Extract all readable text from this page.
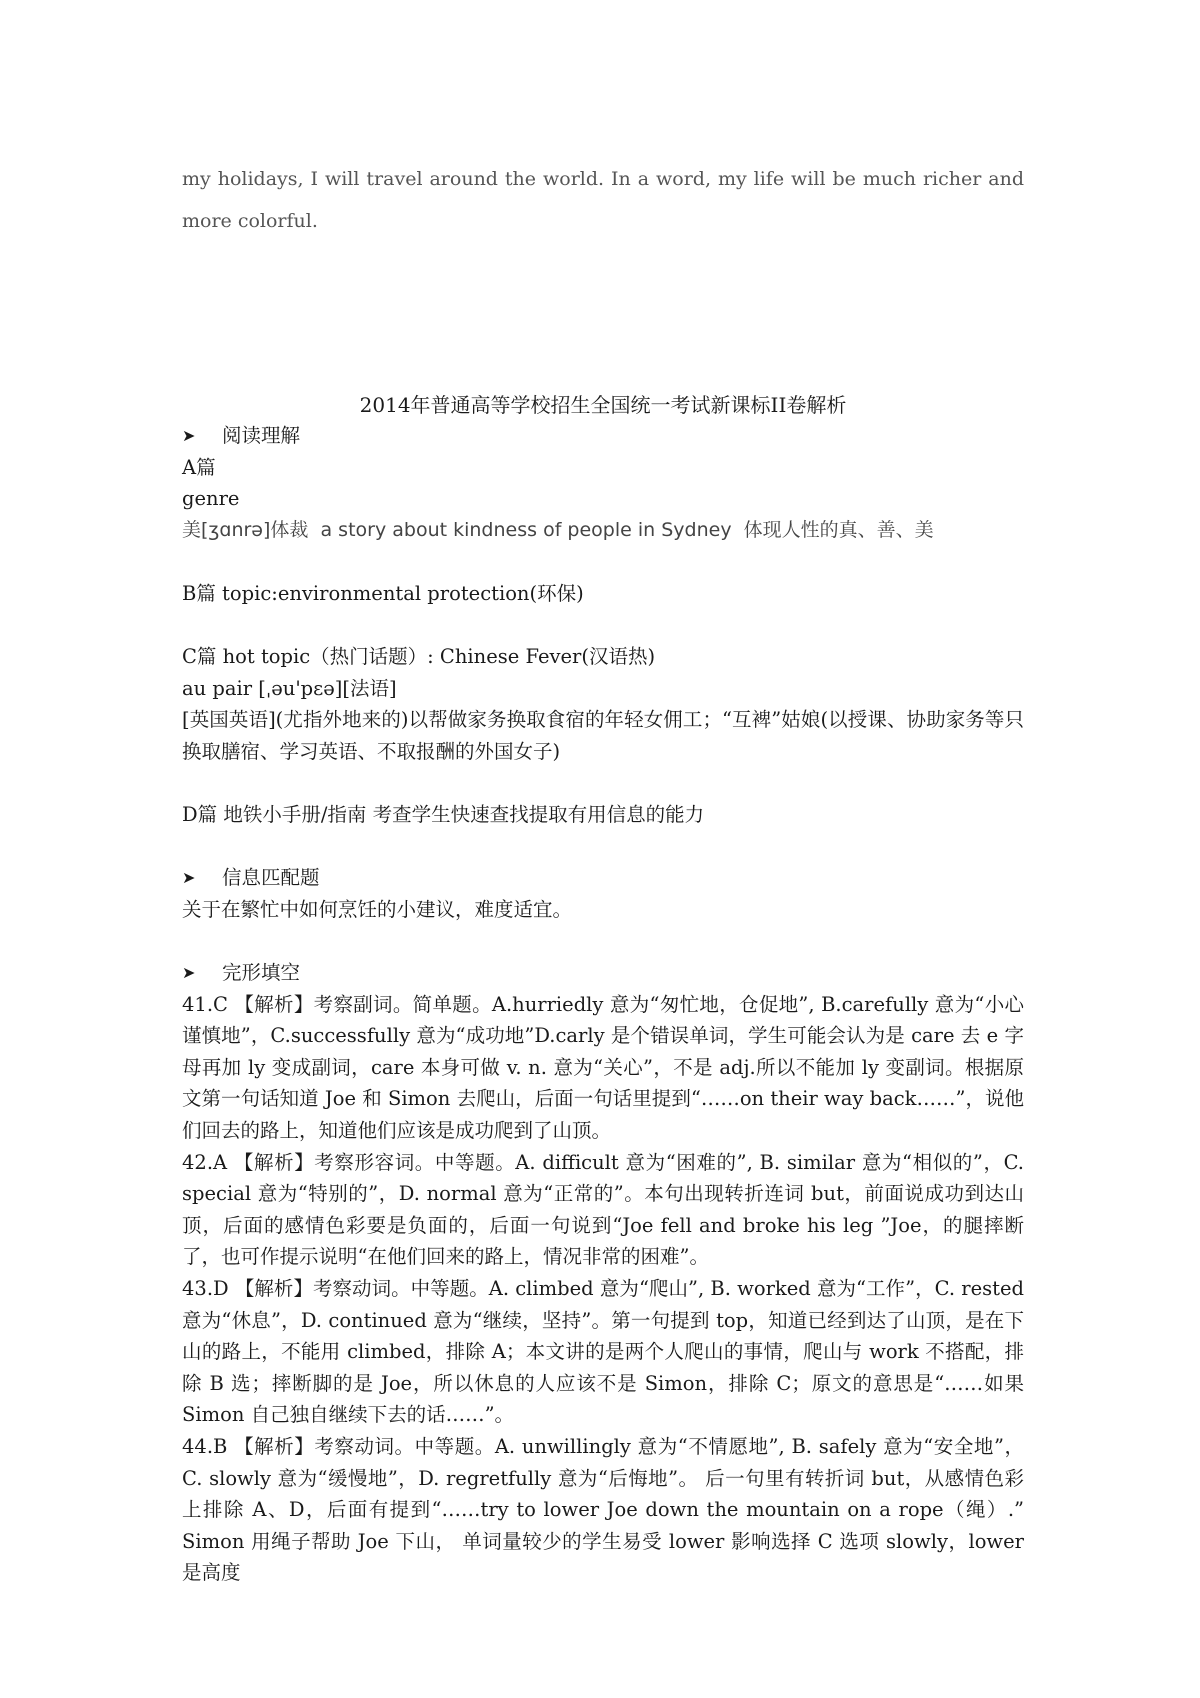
my holidays, I will travel around the world. In a word, my life will be much richer and more colorful.

2014年普通高等学校招生全国统一考试新课标II卷解析

➤	阅读理解

A篇

genre

美[ʒɑnrə]体裁 a story about kindness of people in Sydney 体现人性的真、善、美

B篇 topic:environmental protection(环保)

C篇 hot topic（热门话题）: Chinese Fever(汉语热)

au pair [ˌəu'pɛə][法语]

[英国英语](尤指外地来的)以帮做家务换取食宿的年轻女佣工；“互裨”姑娘(以授课、协助家务等只换取膳宿、学习英语、不取报酬的外国女子)

D篇 地铁小手册/指南 考查学生快速查找提取有用信息的能力

➤	信息匹配题

关于在繁忙中如何烹饪的小建议，难度适宜。

➤	完形填空

41.C 【解析】考察副词。简单题。A.hurriedly 意为“匆忙地，仓促地”, B.carefully 意为“小心谨慎地”，C.successfully 意为“成功地”D.carly 是个错误单词，学生可能会认为是 care 去 e 字母再加 ly 变成副词，care 本身可做 v. n. 意为“关心”，不是 adj.所以不能加 ly 变副词。根据原文第一句话知道 Joe 和 Simon 去爬山，后面一句话里提到“……on their way back……”，说他们回去的路上，知道他们应该是成功爬到了山顶。

42.A 【解析】考察形容词。中等题。A. difficult 意为“困难的”, B. similar 意为“相似的”，C. special 意为“特别的”，D. normal 意为“正常的”。本句出现转折连词 but，前面说成功到达山顶，后面的感情色彩要是负面的，后面一句说到“Joe fell and broke his leg ”Joe，的腿摔断了，也可作提示说明“在他们回来的路上，情况非常的困难”。

43.D 【解析】考察动词。中等题。A. climbed 意为“爬山”, B. worked 意为“工作”，C. rested 意为“休息”，D. continued 意为“继续，坚持”。第一句提到 top，知道已经到达了山顶，是在下山的路上，不能用 climbed，排除 A；本文讲的是两个人爬山的事情，爬山与 work 不搭配，排除 B 选；摔断脚的是 Joe，所以休息的人应该不是 Simon，排除 C；原文的意思是“……如果 Simon 自己独自继续下去的话……”。

44.B 【解析】考察动词。中等题。A. unwillingly 意为“不情愿地”, B. safely 意为“安全地”，C. slowly 意为“缓慢地”，D. regretfully 意为“后悔地”。 后一句里有转折词 but，从感情色彩上排除 A、D，后面有提到“……try to lower Joe down the mountain on a rope（绳）.” Simon 用绳子帮助 Joe 下山， 单词量较少的学生易受 lower 影响选择 C 选项 slowly，lower 是高度
